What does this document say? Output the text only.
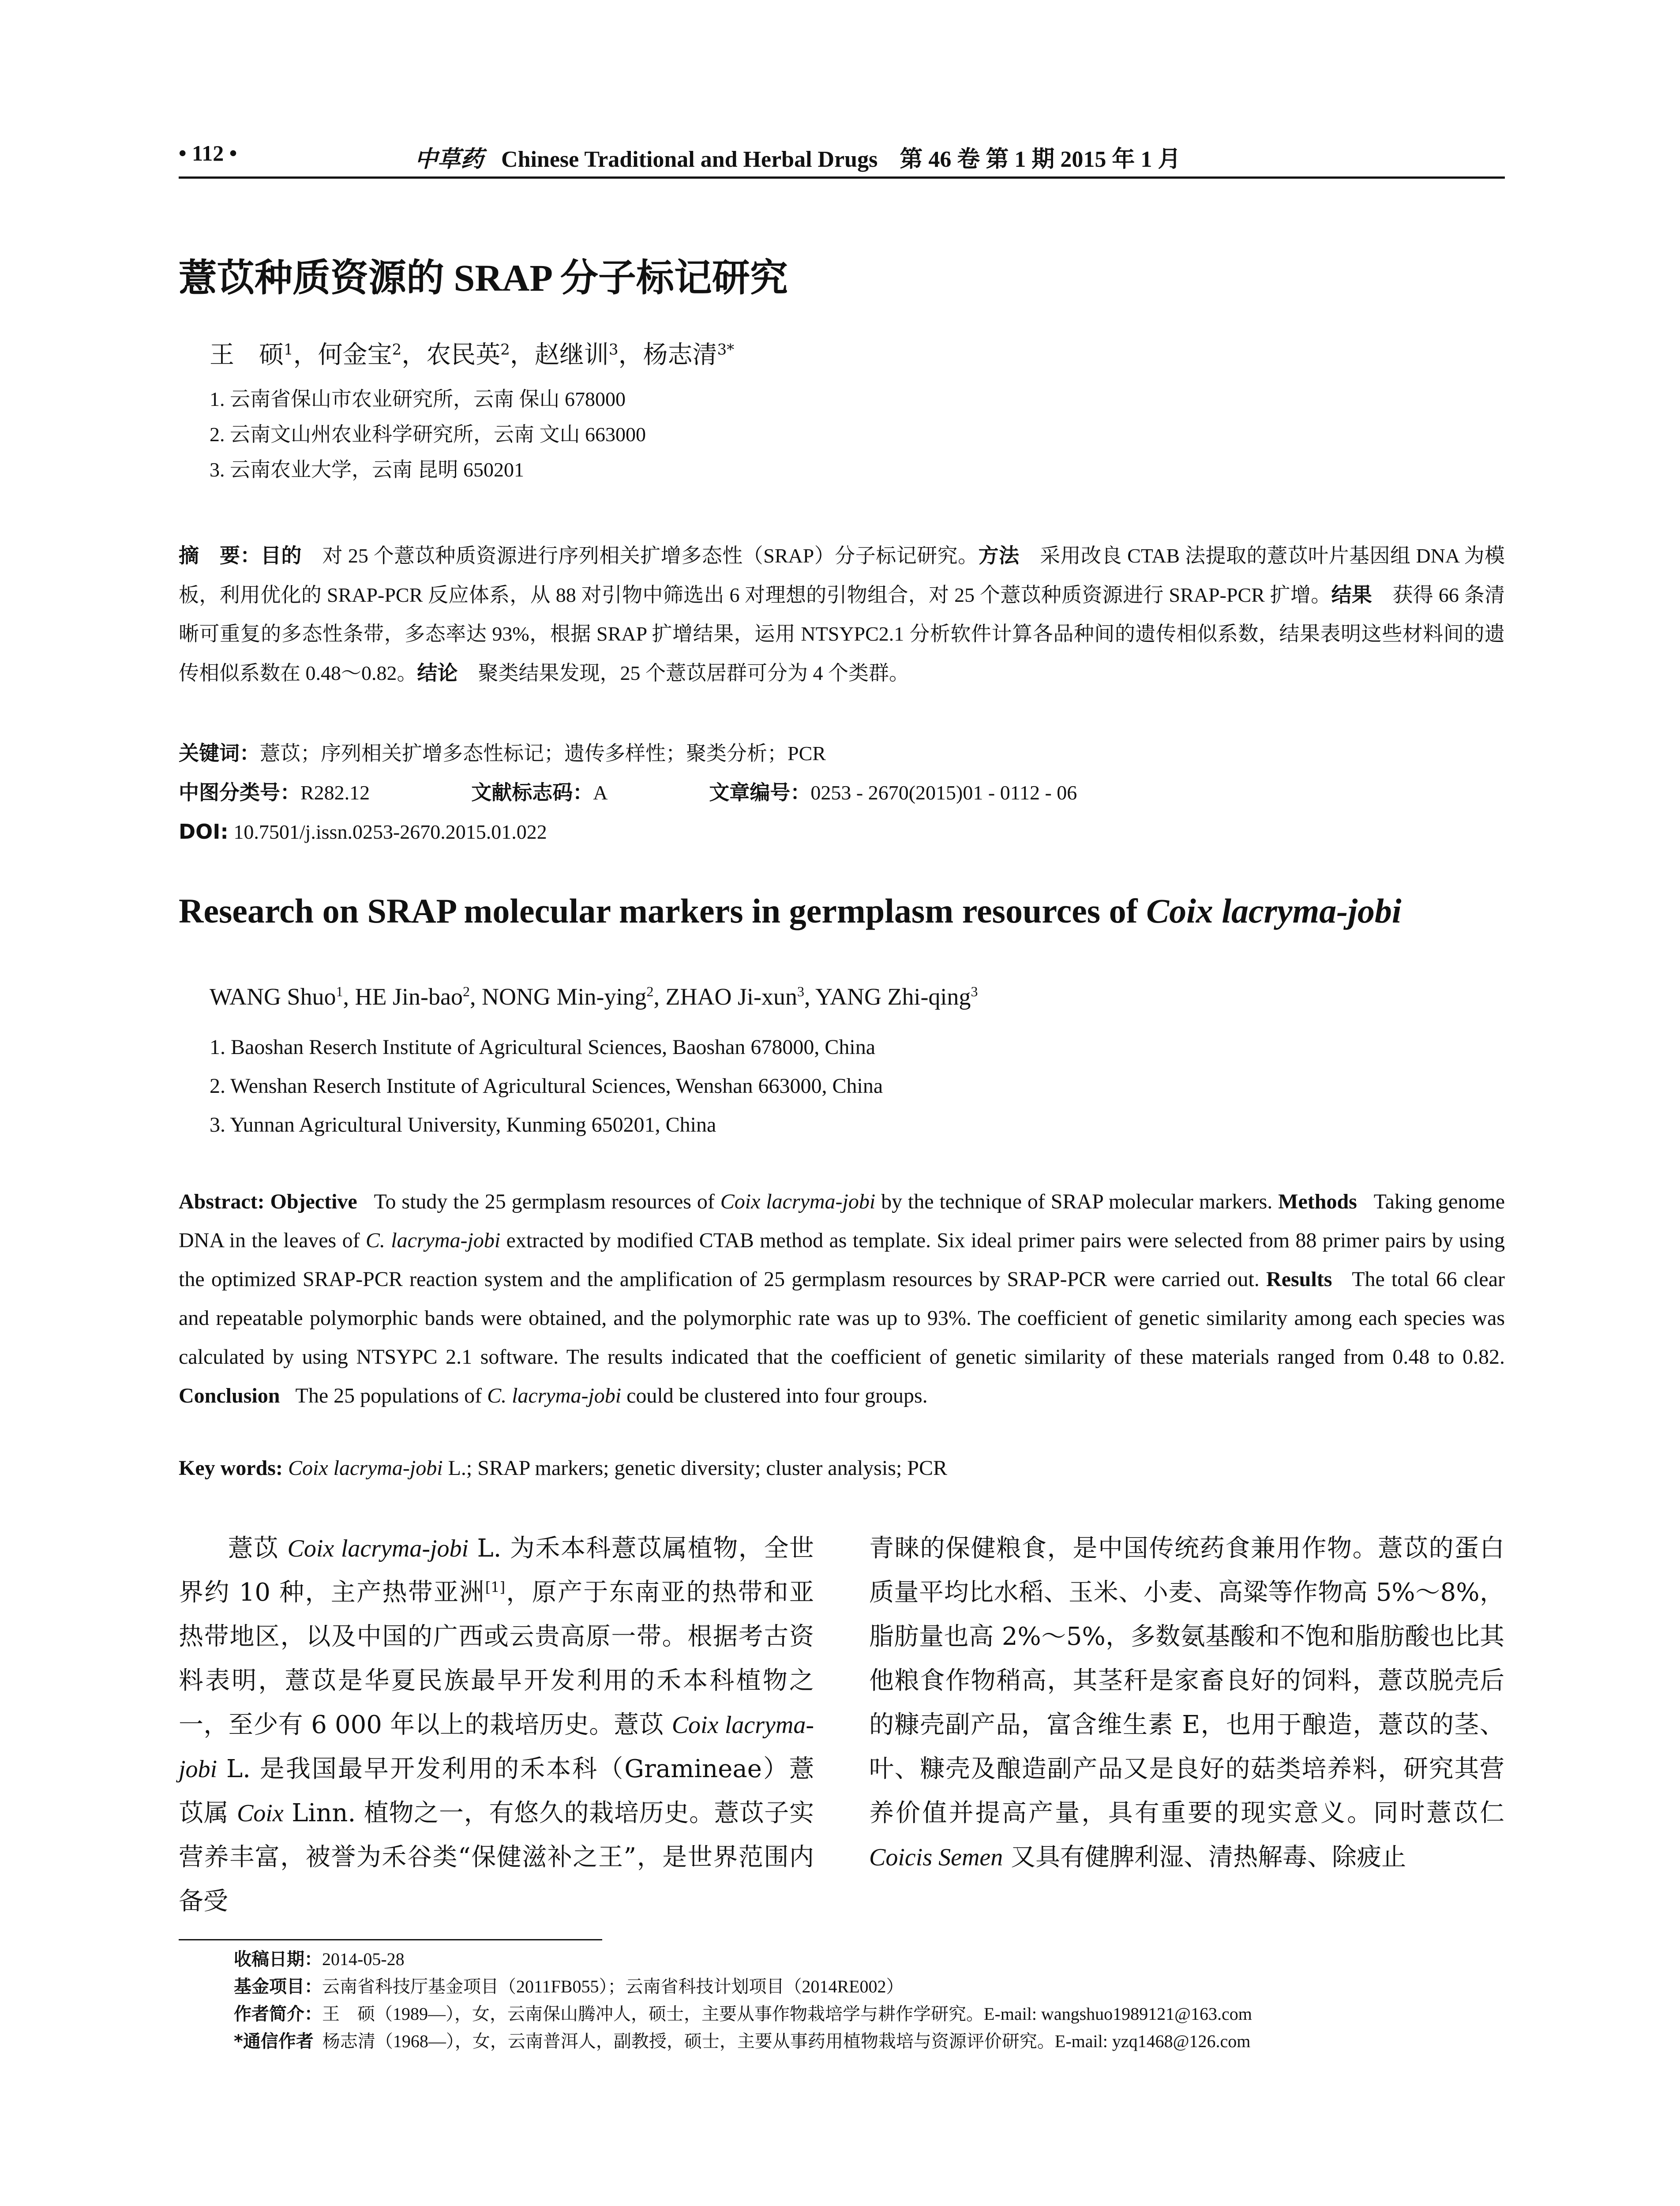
• 112 •	中草药 Chinese Traditional and Herbal Drugs 第 46 卷 第 1 期 2015 年 1 月
薏苡种质资源的 SRAP 分子标记研究
王　硕$^1$，何金宝$^2$，农民英$^2$，赵继训$^3$，杨志清$^{3*}$
1. 云南省保山市农业研究所，云南 保山 678000
2. 云南文山州农业科学研究所，云南 文山 663000
3. 云南农业大学，云南 昆明 650201
摘　要：目的　 对 25 个薏苡种质资源进行序列相关扩增多态性（SRAP）分子标记研究。方法　 采用改良 CTAB 法提取的薏苡叶片基因组 DNA 为模板，利用优化的 SRAP-PCR 反应体系，从 88 对引物中筛选出 6 对理想的引物组合，对 25 个薏苡种质资源进行 SRAP-PCR 扩增。结果　 获得 66 条清晰可重复的多态性条带，多态率达 93%，根据 SRAP 扩增结果，运用 NTSYPC2.1 分析软件计算各品种间的遗传相似系数，结果表明这些材料间的遗传相似系数在 0.48～0.82。结论　 聚类结果发现，25 个薏苡居群可分为 4 个类群。
关键词：薏苡；序列相关扩增多态性标记；遗传多样性；聚类分析；PCR
中图分类号：R282.12	文献标志码：A	文章编号：0253 - 2670(2015)01 - 0112 - 06
DOI: 10.7501/j.issn.0253-2670.2015.01.022
Research on SRAP molecular markers in germplasm resources of Coix lacryma-jobi
WANG Shuo$^1$, HE Jin-bao$^2$, NONG Min-ying$^2$, ZHAO Ji-xun$^3$, YANG Zhi-qing$^3$
1. Baoshan Reserch Institute of Agricultural Sciences, Baoshan 678000, China
2. Wenshan Reserch Institute of Agricultural Sciences, Wenshan 663000, China
3. Yunnan Agricultural University, Kunming 650201, China
Abstract: Objective To study the 25 germplasm resources of Coix lacryma-jobi by the technique of SRAP molecular markers. Methods Taking genome DNA in the leaves of C. lacryma-jobi extracted by modified CTAB method as template. Six ideal primer pairs were selected from 88 primer pairs by using the optimized SRAP-PCR reaction system and the amplification of 25 germplasm resources by SRAP-PCR were carried out. Results The total 66 clear and repeatable polymorphic bands were obtained, and the polymorphic rate was up to 93%. The coefficient of genetic similarity among each species was calculated by using NTSYPC 2.1 software. The results indicated that the coefficient of genetic similarity of these materials ranged from 0.48 to 0.82. Conclusion The 25 populations of C. lacryma-jobi could be clustered into four groups.
Key words: Coix lacryma-jobi L.; SRAP markers; genetic diversity; cluster analysis; PCR
薏苡 Coix lacryma-jobi L. 为禾本科薏苡属植物，全世界约 10 种，主产热带亚洲[1]，原产于东南亚的热带和亚热带地区，以及中国的广西或云贵高原一带。根据考古资料表明，薏苡是华夏民族最早开发利用的禾本科植物之一，至少有 6 000 年以上的栽培历史。薏苡 Coix lacryma-jobi L. 是我国最早开发利用的禾本科（Gramineae）薏苡属 Coix Linn. 植物之一，有悠久的栽培历史。薏苡子实营养丰富，被誉为禾谷类“保健滋补之王”，是世界范围内备受
青睐的保健粮食，是中国传统药食兼用作物。薏苡的蛋白质量平均比水稻、玉米、小麦、高粱等作物高 5%～8%，脂肪量也高 2%～5%，多数氨基酸和不饱和脂肪酸也比其他粮食作物稍高，其茎秆是家畜良好的饲料，薏苡脱壳后的糠壳副产品，富含维生素 E，也用于酿造，薏苡的茎、叶、糠壳及酿造副产品又是良好的菇类培养料，研究其营养价值并提高产量，具有重要的现实意义。同时薏苡仁 Coicis Semen 又具有健脾利湿、清热解毒、除疲止
收稿日期：2014-05-28
基金项目：云南省科技厅基金项目（2011FB055）；云南省科技计划项目（2014RE002）
作者简介：王　硕（1989—），女，云南保山腾冲人，硕士，主要从事作物栽培学与耕作学研究。E-mail: wangshuo1989121@163.com
*通信作者 杨志清（1968—），女，云南普洱人，副教授，硕士，主要从事药用植物栽培与资源评价研究。E-mail: yzq1468@126.com
